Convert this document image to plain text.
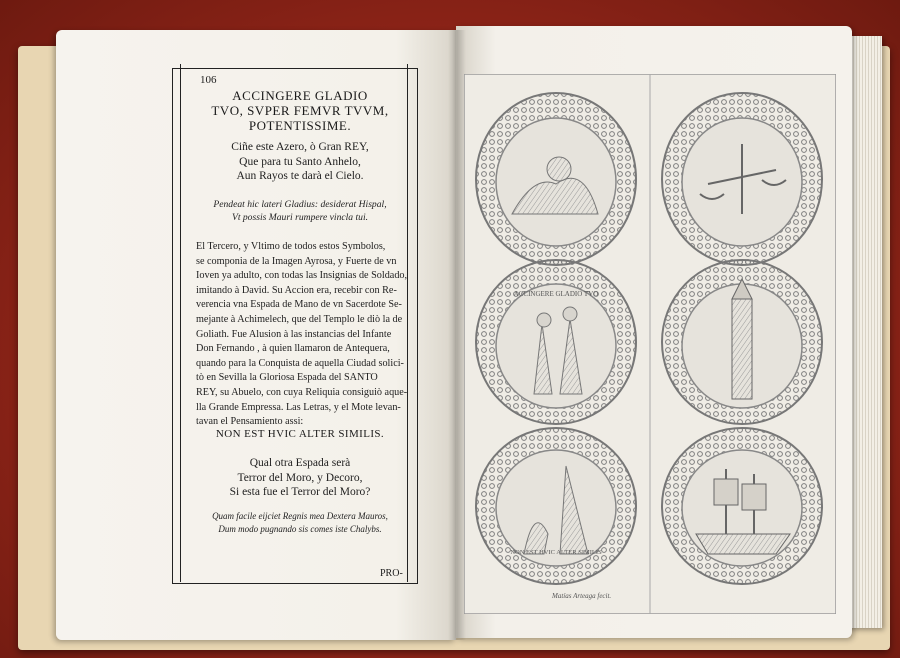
106
ACCINGERE GLADIO
TVO, SVPER FEMVR TVVM,
POTENTISSIME.
Ciñe este Azero, ò Gran REY,
Que para tu Santo Anhelo,
Aun Rayos te darà el Cielo.
Pendeat hic lateri Gladius: desiderat Hispal,
Vt possis Mauri rumpere vincla tui.
El Tercero, y Vltimo de todos estos Symbolos,
se componia de la Imagen Ayrosa, y Fuerte de vn
Ioven ya adulto, con todas las Insignias de Soldado,
imitando à David. Su Accion era, recebir con Re-
verencia vna Espada de Mano de vn Sacerdote Se-
mejante à Achimelech, que del Templo le diò la de
Goliath. Fue Alusion à las instancias del Infante
Don Fernando , à quien llamaron de Antequera,
quando para la Conquista de aquella Ciudad solici-
tò en Sevilla la Gloriosa Espada del SANTO
REY, su Abuelo, con cuya Reliquia consiguiò aque-
lla Grande Empressa. Las Letras, y el Mote levan-
tavan el Pensamiento assi:
NON EST HVIC ALTER SIMILIS.
Qual otra Espada serà
Terror del Moro, y Decoro,
Si esta fue el Terror del Moro?
Quam facile eijciet Regnis mea Dextera Mauros,
Dum modo pugnando sis comes iste Chalybs.
PRO-
ACCINGERE GLADIO TVO
NON EST HVIC ALTER SIMILIS
Matías Arteaga fecit.
